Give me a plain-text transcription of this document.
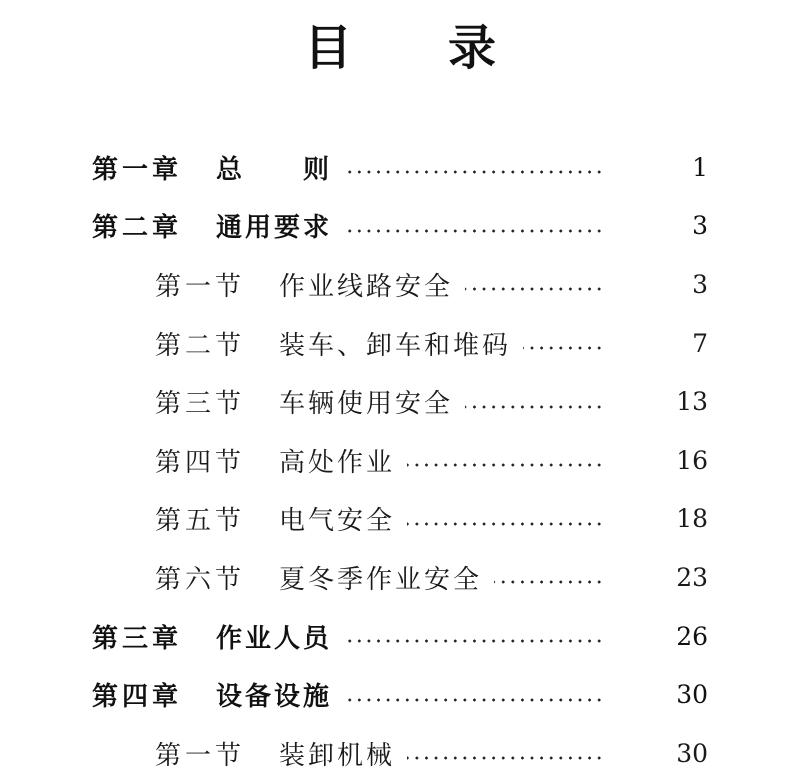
目 录
第一章 总　　则	1
第二章 通用要求	3
第一节 作业线路安全	3
第二节 装车、卸车和堆码	7
第三节 车辆使用安全	13
第四节 高处作业	16
第五节 电气安全	18
第六节 夏冬季作业安全	23
第三章 作业人员	26
第四章 设备设施	30
第一节 装卸机械	30
